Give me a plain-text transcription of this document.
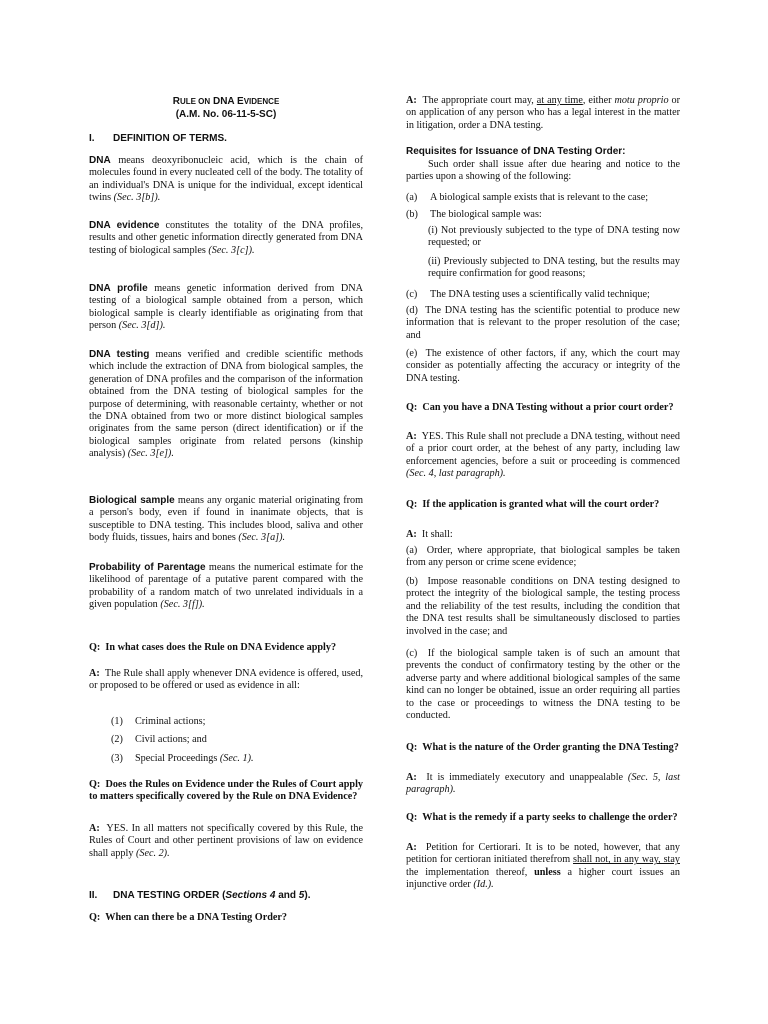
RULE ON DNA EVIDENCE
(A.M. No. 06-11-5-SC)
I. DEFINITION OF TERMS.

DNA means deoxyribonucleic acid, which is the chain of molecules found in every nucleated cell of the body. The totality of an individual's DNA is unique for the individual, except identical twins (Sec. 3[b]).

DNA evidence constitutes the totality of the DNA profiles, results and other genetic information directly generated from DNA testing of biological samples (Sec. 3[c]).

DNA profile means genetic information derived from DNA testing of a biological sample obtained from a person, which biological sample is clearly identifiable as originating from that person (Sec. 3[d]).

DNA testing means verified and credible scientific methods which include the extraction of DNA from biological samples, the generation of DNA profiles and the comparison of the information obtained from the DNA testing of biological samples for the purpose of determining, with reasonable certainty, whether or not the DNA obtained from two or more distinct biological samples originates from the same person (direct identification) or if the biological samples originate from related persons (kinship analysis) (Sec. 3[e]).

Biological sample means any organic material originating from a person's body, even if found in inanimate objects, that is susceptible to DNA testing. This includes blood, saliva and other body fluids, tissues, hairs and bones (Sec. 3[a]).

Probability of Parentage means the numerical estimate for the likelihood of parentage of a putative parent compared with the probability of a random match of two unrelated individuals in a given population (Sec. 3[f]).

Q: In what cases does the Rule on DNA Evidence apply?

A: The Rule shall apply whenever DNA evidence is offered, used, or proposed to be offered or used as evidence in all:

(1)	Criminal actions;
(2)	Civil actions; and
(3)	Special Proceedings (Sec. 1).

Q: Does the Rules on Evidence under the Rules of Court apply to matters specifically covered by the Rule on DNA Evidence?

A: YES. In all matters not specifically covered by this Rule, the Rules of Court and other pertinent provisions of law on evidence shall apply (Sec. 2).

II. DNA TESTING ORDER (Sections 4 and 5).

Q: When can there be a DNA Testing Order?

A: The appropriate court may, at any time, either motu proprio or on application of any person who has a legal interest in the matter in litigation, order a DNA testing.

Requisites for Issuance of DNA Testing Order:

Such order shall issue after due hearing and notice to the parties upon a showing of the following:

(a)	A biological sample exists that is relevant to the case;
(b)	The biological sample was:

(i) Not previously subjected to the type of DNA testing now requested; or

(ii) Previously subjected to DNA testing, but the results may require confirmation for good reasons;

(c)	The DNA testing uses a scientifically valid technique;

(d) The DNA testing has the scientific potential to produce new information that is relevant to the proper resolution of the case; and

(e) The existence of other factors, if any, which the court may consider as potentially affecting the accuracy or integrity of the DNA testing.

Q: Can you have a DNA Testing without a prior court order?

A: YES. This Rule shall not preclude a DNA testing, without need of a prior court order, at the behest of any party, including law enforcement agencies, before a suit or proceeding is commenced (Sec. 4, last paragraph).

Q: If the application is granted what will the court order?

A: It shall:

(a) Order, where appropriate, that biological samples be taken from any person or crime scene evidence;

(b) Impose reasonable conditions on DNA testing designed to protect the integrity of the biological sample, the testing process and the reliability of the test results, including the condition that the DNA test results shall be simultaneously disclosed to parties involved in the case; and

(c) If the biological sample taken is of such an amount that prevents the conduct of confirmatory testing by the other or the adverse party and where additional biological samples of the same kind can no longer be obtained, issue an order requiring all parties to the case or proceedings to witness the DNA testing to be conducted.

Q: What is the nature of the Order granting the DNA Testing?

A: It is immediately executory and unappealable (Sec. 5, last paragraph).

Q: What is the remedy if a party seeks to challenge the order?

A: Petition for Certiorari. It is to be noted, however, that any petition for certioran initiated therefrom shall not, in any way, stay the implementation thereof, unless a higher court issues an injunctive order (Id.).
